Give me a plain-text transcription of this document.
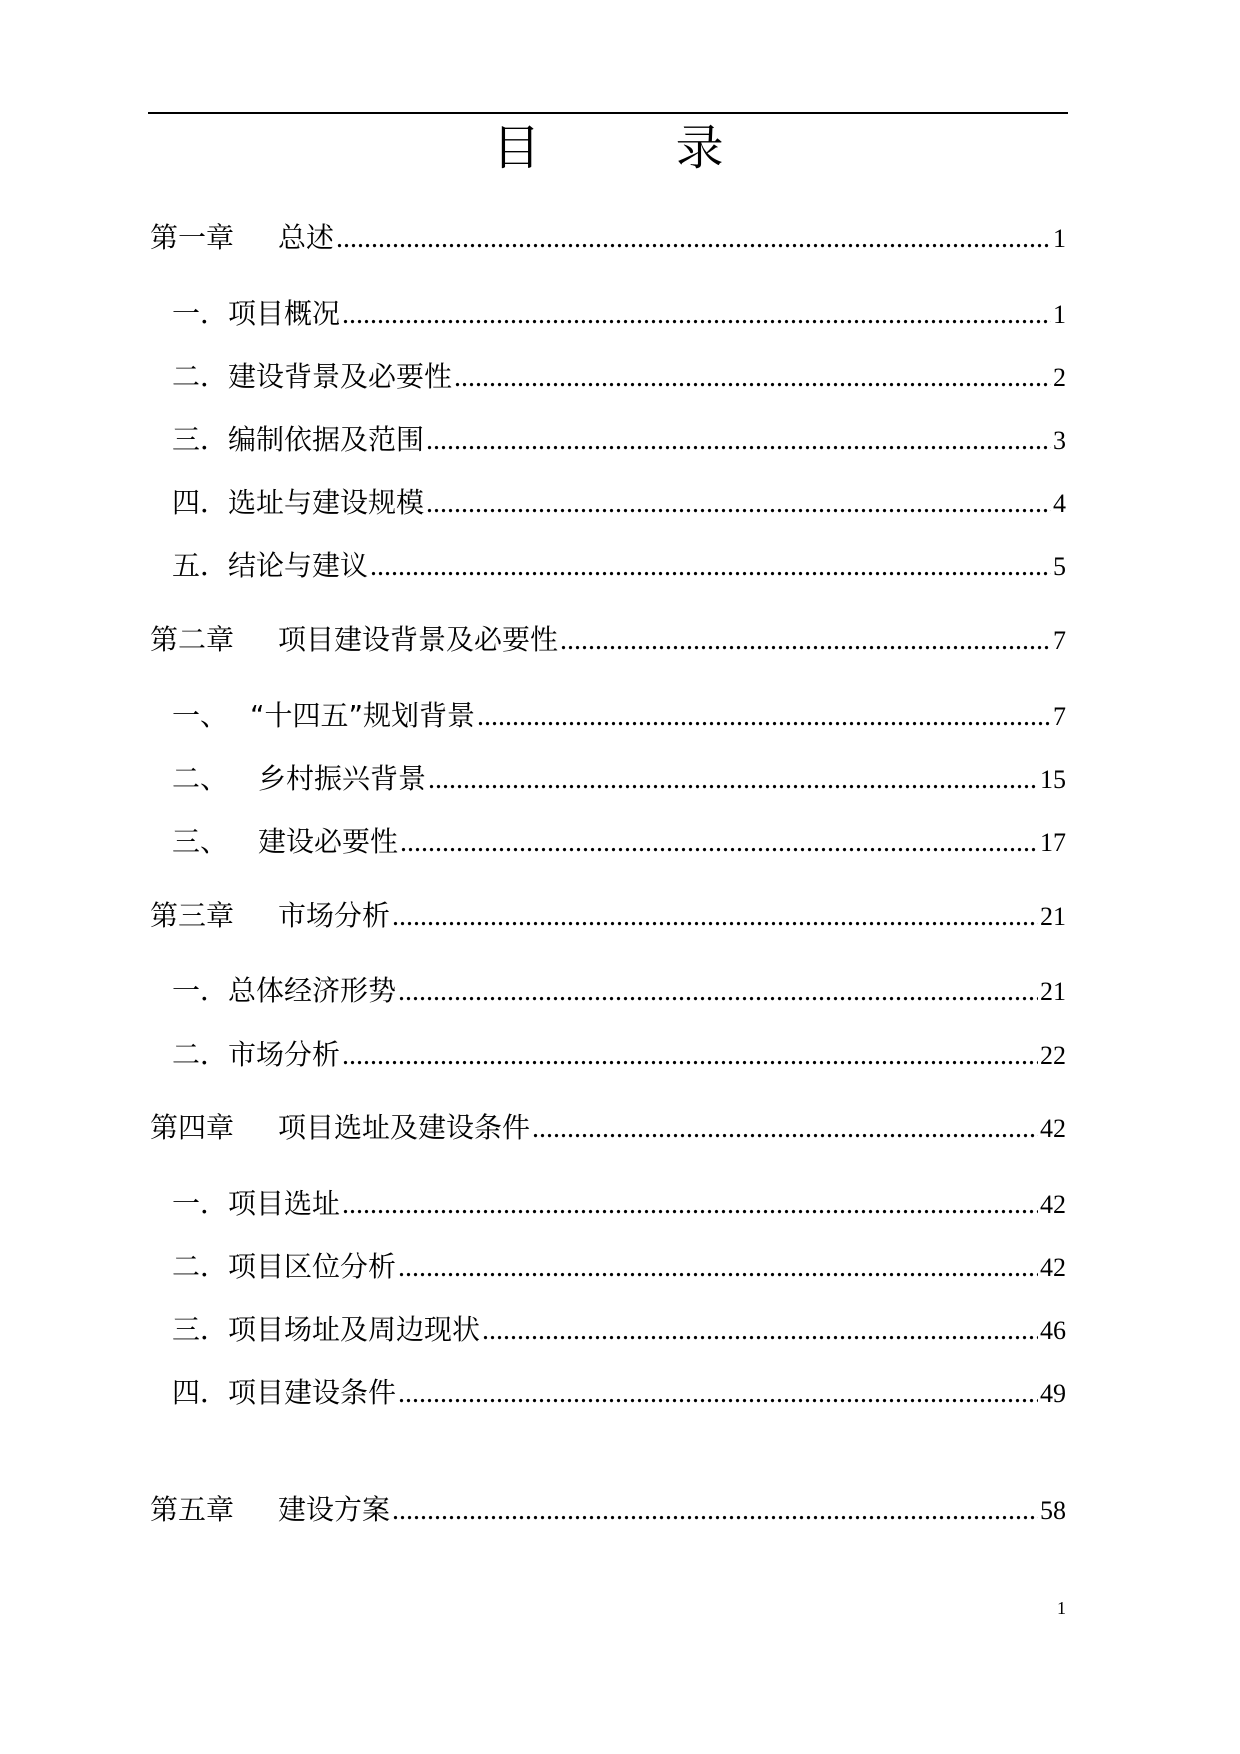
目 录
第一章 总述 .....	1
一． 项目概况 .....	1
二． 建设背景及必要性 .....	2
三． 编制依据及范围 .....	3
四． 选址与建设规模 .....	4
五． 结论与建议 .....	5
第二章 项目建设背景及必要性 .....	7
一、 “十四五”规划背景 .....	7
二、 乡村振兴背景 .....	15
三、 建设必要性 .....	17
第三章 市场分析 .....	21
一． 总体经济形势 .....	21
二． 市场分析 .....	22
第四章 项目选址及建设条件 .....	42
一． 项目选址 .....	42
二． 项目区位分析 .....	42
三． 项目场址及周边现状 .....	46
四． 项目建设条件 .....	49
第五章 建设方案 .....	58
1
